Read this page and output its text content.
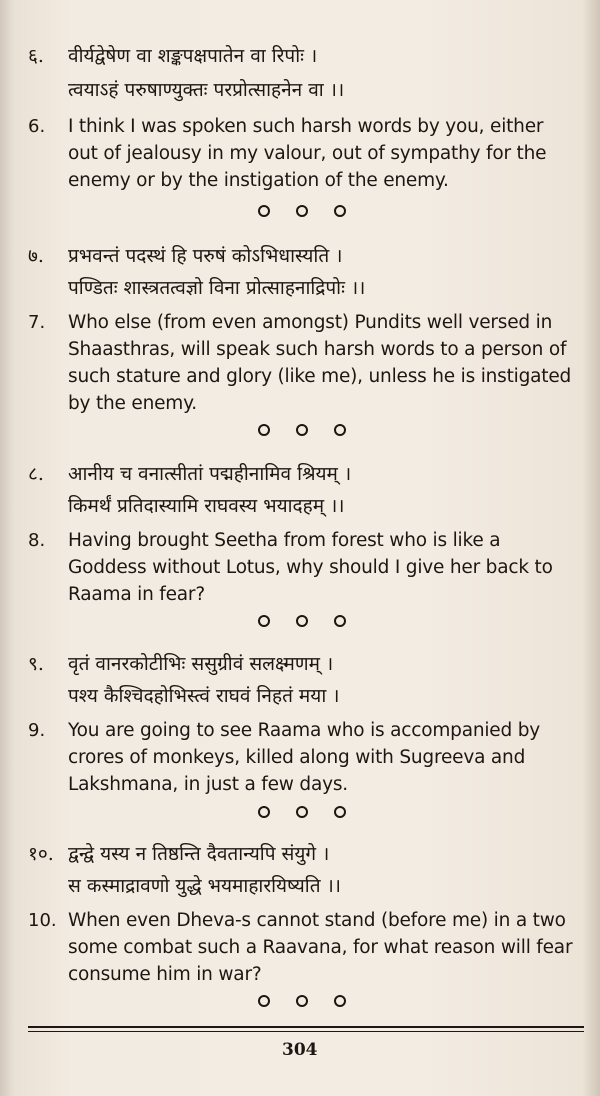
६. वीर्यद्वेषेण वा शङ्कपक्षपातेन वा रिपोः ।
त्वयाऽहं परुषाण्युक्तः परप्रोत्साहनेन वा ।।
6. I think I was spoken such harsh words by you, either
out of jealousy in my valour, out of sympathy for the
enemy or by the instigation of the enemy.
७. प्रभवन्तं पदस्थं हि परुषं कोऽभिधास्यति ।
पण्डितः शास्त्रतत्वज्ञो विना प्रोत्साहनाद्रिपोः ।।
7. Who else (from even amongst) Pundits well versed in
Shaasthras, will speak such harsh words to a person of
such stature and glory (like me), unless he is instigated
by the enemy.
८. आनीय च वनात्सीतां पद्महीनामिव श्रियम् ।
किमर्थं प्रतिदास्यामि राघवस्य भयादहम् ।।
8. Having brought Seetha from forest who is like a
Goddess without Lotus, why should I give her back to
Raama in fear?
९. वृतं वानरकोटीभिः ससुग्रीवं सलक्ष्मणम् ।
पश्य कैश्चिदहोभिस्त्वं राघवं निहतं मया ।
9. You are going to see Raama who is accompanied by
crores of monkeys, killed along with Sugreeva and
Lakshmana, in just a few days.
१०. द्वन्द्वे यस्य न तिष्ठन्ति दैवतान्यपि संयुगे ।
स कस्माद्रावणो युद्धे भयमाहारयिष्यति ।।
10. When even Dheva-s cannot stand (before me) in a two
some combat such a Raavana, for what reason will fear
consume him in war?
304
